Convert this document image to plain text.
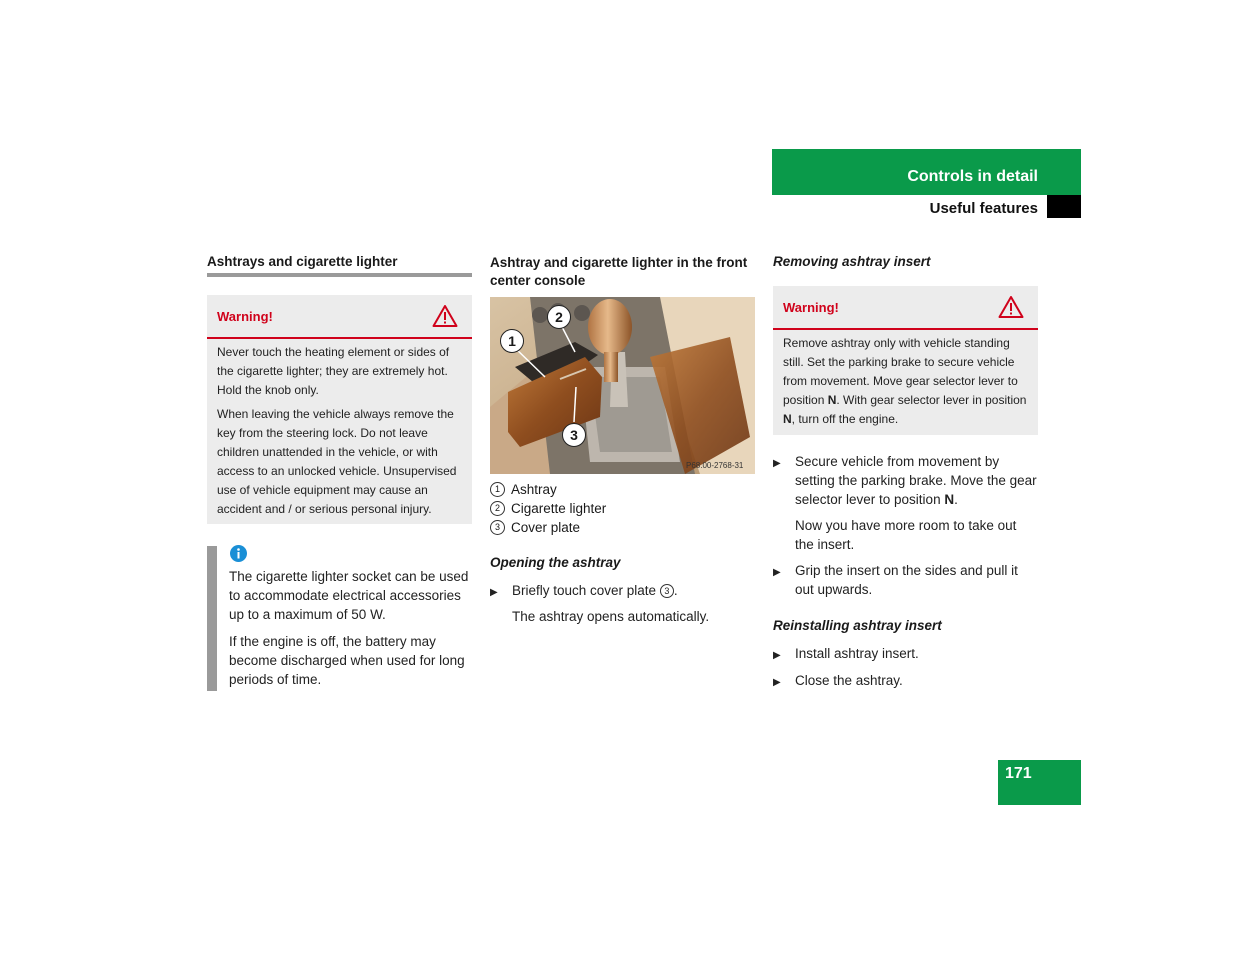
Controls in detail
Useful features
Ashtrays and cigarette lighter
Warning!

Never touch the heating element or sides of the cigarette lighter; they are extremely hot. Hold the knob only.

When leaving the vehicle always remove the key from the steering lock. Do not leave children unattended in the vehicle, or with access to an unlocked vehicle. Unsupervised use of vehicle equipment may cause an accident and / or serious personal injury.

The cigarette lighter socket can be used to accommodate electrical accessories up to a maximum of 50 W.

If the engine is off, the battery may become discharged when used for long periods of time.

Ashtray and cigarette lighter in the front center console
1
2
3
P68.00-2768-31
1 Ashtray
2 Cigarette lighter
3 Cover plate
Opening the ashtray
▶	Briefly touch cover plate 3 .
The ashtray opens automatically.
Removing ashtray insert
Warning!
Remove ashtray only with vehicle standing still. Set the parking brake to secure vehicle from movement. Move gear selector lever to position N. With gear selector lever in position N, turn off the engine.
▶	Secure vehicle from movement by setting the parking brake. Move the gear selector lever to position N.
Now you have more room to take out the insert.
▶	Grip the insert on the sides and pull it out upwards.
Reinstalling ashtray insert
▶	Install ashtray insert.
▶	Close the ashtray.
171
